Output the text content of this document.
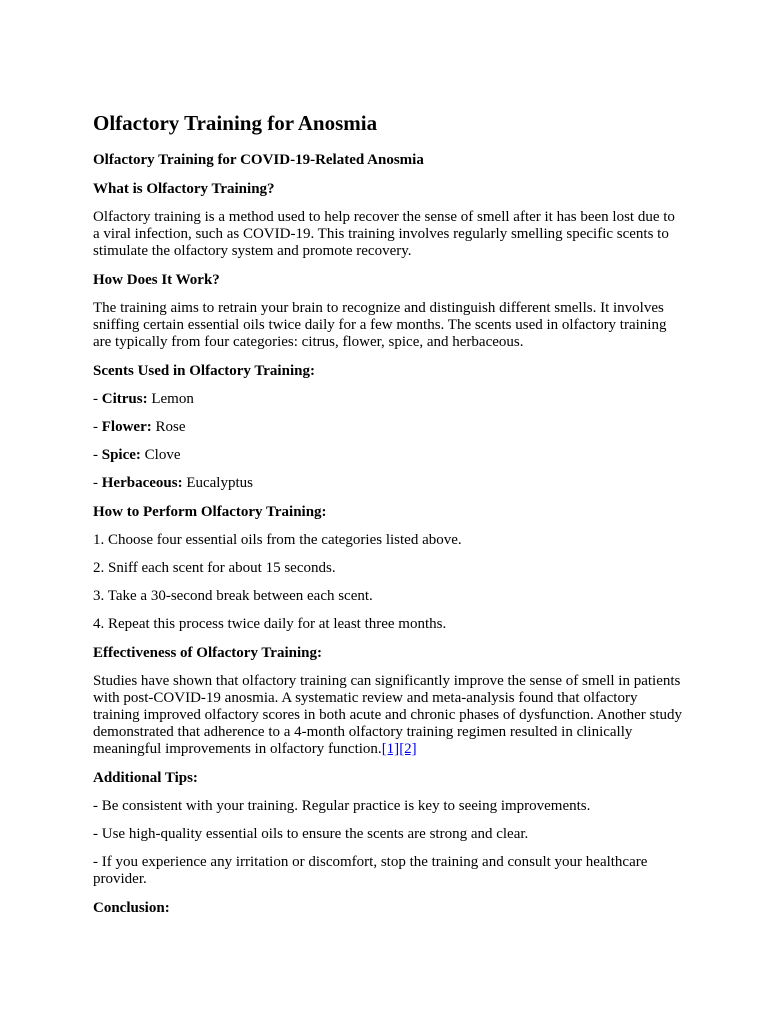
Olfactory Training for Anosmia
Olfactory Training for COVID-19-Related Anosmia
What is Olfactory Training?

Olfactory training is a method used to help recover the sense of smell after it has been lost due to a viral infection, such as COVID-19. This training involves regularly smelling specific scents to stimulate the olfactory system and promote recovery.

How Does It Work?

The training aims to retrain your brain to recognize and distinguish different smells. It involves sniffing certain essential oils twice daily for a few months. The scents used in olfactory training are typically from four categories: citrus, flower, spice, and herbaceous.

Scents Used in Olfactory Training:

- Citrus: Lemon

- Flower: Rose

- Spice: Clove

- Herbaceous: Eucalyptus

How to Perform Olfactory Training:

1. Choose four essential oils from the categories listed above.

2. Sniff each scent for about 15 seconds.

3. Take a 30-second break between each scent.

4. Repeat this process twice daily for at least three months.

Effectiveness of Olfactory Training:

Studies have shown that olfactory training can significantly improve the sense of smell in patients with post-COVID-19 anosmia. A systematic review and meta-analysis found that olfactory training improved olfactory scores in both acute and chronic phases of dysfunction. Another study demonstrated that adherence to a 4-month olfactory training regimen resulted in clinically meaningful improvements in olfactory function.[1][2]

Additional Tips:

- Be consistent with your training. Regular practice is key to seeing improvements.

- Use high-quality essential oils to ensure the scents are strong and clear.

- If you experience any irritation or discomfort, stop the training and consult your healthcare provider.

Conclusion:
